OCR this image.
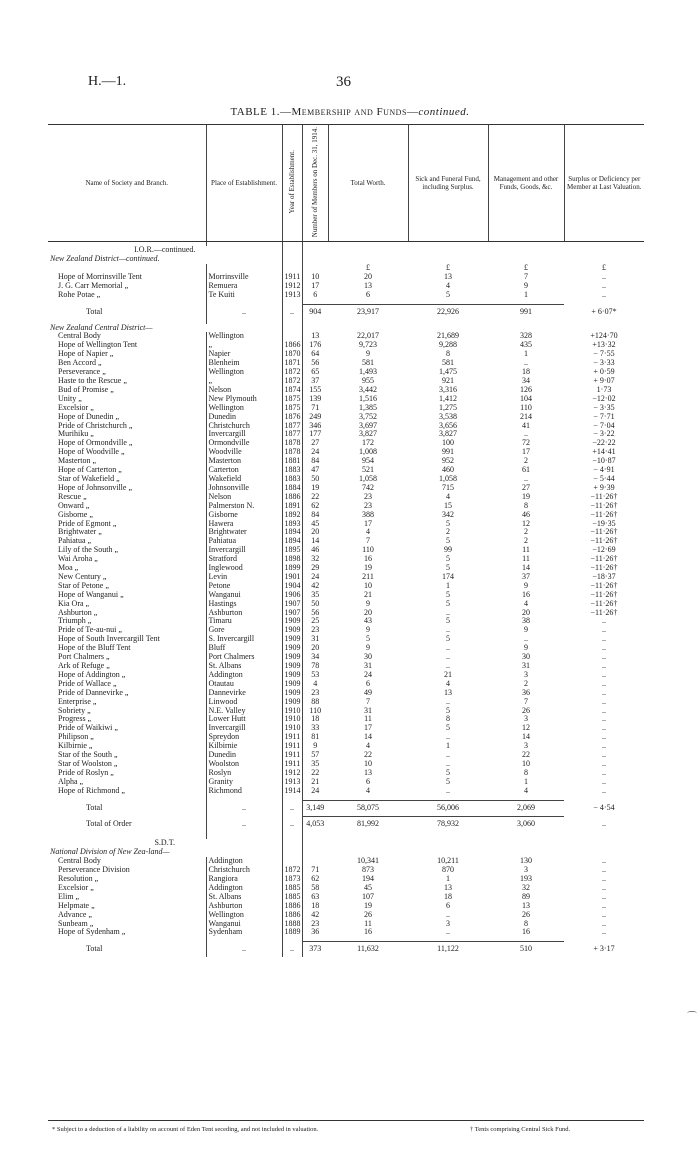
H.—1.	36
TABLE 1.—Membership and Funds—continued.
Name of Society and Branch.	Place of Establishment.	Year of Establishment.	Number of Members on Dec. 31, 1914.	Total Worth.	Sick and Funeral Fund, including Surplus.	Management and other Funds, Goods, &c.	Surplus or Deficiency per Member at Last Valuation.

I.O.R.—continued.							
New Zealand District—continued.							
				£	£	£	£
Hope of Morrinsville Tent	Morrinsville	1911	10	20	13	7	..
J. G. Carr Memorial „	Remuera	1912	17	13	4	9	..
Rohe Potae „	Te Kuiti	1913	6	6	5	1	..

Total	..	..	904	23,917	22,926	991	+ 6·07*

New Zealand Central District—							
Central Body	Wellington		13	22,017	21,689	328	+124·70
Hope of Wellington Tent	„	1866	176	9,723	9,288	435	+13·32
Hope of Napier „	Napier	1870	64	9	8	1	− 7·55
Ben Accord „	Blenheim	1871	56	581	581	..	− 3·33
Perseverance „	Wellington	1872	65	1,493	1,475	18	+ 0·59
Haste to the Rescue „	„	1872	37	955	921	34	+ 9·07
Bud of Promise „	Nelson	1874	155	3,442	3,316	126	1·73
Unity „	New Plymouth	1875	139	1,516	1,412	104	−12·02
Excelsior „	Wellington	1875	71	1,385	1,275	110	− 3·35
Hope of Dunedin „	Dunedin	1876	249	3,752	3,538	214	− 7·71
Pride of Christchurch „	Christchurch	1877	346	3,697	3,656	41	− 7·04
Murihiku „	Invercargill	1877	177	3,827	3,827	..	− 3·22
Hope of Ormondville „	Ormondville	1878	27	172	100	72	−22·22
Hope of Woodville „	Woodville	1878	24	1,008	991	17	+14·41
Masterton „	Masterton	1881	84	954	952	2	−10·87
Hope of Carterton „	Carterton	1883	47	521	460	61	− 4·91
Star of Wakefield „	Wakefield	1883	50	1,058	1,058	..	− 5·44
Hope of Johnsonville „	Johnsonville	1884	19	742	715	27	+ 9·39
Rescue „	Nelson	1886	22	23	4	19	−11·26†
Onward „	Palmerston N.	1891	62	23	15	8	−11·26†
Gisborne „	Gisborne	1892	84	388	342	46	−11·26†
Pride of Egmont „	Hawera	1893	45	17	5	12	−19·35
Brightwater „	Brightwater	1894	20	4	2	2	−11·26†
Pahiatua „	Pahiatua	1894	14	7	5	2	−11·26†
Lily of the South „	Invercargill	1895	46	110	99	11	−12·69
Wai Aroha „	Stratford	1898	32	16	5	11	−11·26†
Moa „	Inglewood	1899	29	19	5	14	−11·26†
New Century „	Levin	1901	24	211	174	37	−18·37
Star of Petone „	Petone	1904	42	10	1	9	−11·26†
Hope of Wanganui „	Wanganui	1906	35	21	5	16	−11·26†
Kia Ora „	Hastings	1907	50	9	5	4	−11·26†
Ashburton „	Ashburton	1907	56	20	..	20	−11·26†
Triumph „	Timaru	1909	25	43	5	38	..
Pride of Te-au-nui „	Gore	1909	23	9	..	9	..
Hope of South Invercargill Tent	S. Invercargill	1909	31	5	5	..	..
Hope of the Bluff Tent	Bluff	1909	20	9	..	9	..
Port Chalmers „	Port Chalmers	1909	34	30	..	30	..
Ark of Refuge „	St. Albans	1909	78	31	..	31	..
Hope of Addington „	Addington	1909	53	24	21	3	..
Pride of Wallace „	Otautau	1909	4	6	4	2	..
Pride of Dannevirke „	Dannevirke	1909	23	49	13	36	..
Enterprise „	Linwood	1909	88	7	..	7	..
Sobriety „	N.E. Valley	1910	110	31	5	26	..
Progress „	Lower Hutt	1910	18	11	8	3	..
Pride of Waikiwi „	Invercargill	1910	33	17	5	12	..
Philipson „	Spreydon	1911	81	14	..	14	..
Kilbirnie „	Kilbirnie	1911	9	4	1	3	..
Star of the South „	Dunedin	1911	57	22	..	22	..
Star of Woolston „	Woolston	1911	35	10	..	10	..
Pride of Roslyn „	Roslyn	1912	22	13	5	8	..
Alpha „	Granity	1913	21	6	5	1	..
Hope of Richmond „	Richmond	1914	24	4	..	4	..

Total	..	..	3,149	58,075	56,006	2,069	− 4·54
Total of Order	..	..	4,053	81,992	78,932	3,060	..

S.D.T.							
National Division of New Zea-land—							
Central Body	Addington			10,341	10,211	130	..
Perseverance Division	Christchurch	1872	71	873	870	3	..
Resolution „	Rangiora	1873	62	194	1	193	..
Excelsior „	Addington	1885	58	45	13	32	..
Elim „	St. Albans	1885	63	107	18	89	..
Helpmate „	Ashburton	1886	18	19	6	13	..
Advance „	Wellington	1886	42	26	..	26	..
Sunbeam „	Wanganui	1888	23	11	3	8	..
Hope of Sydenham „	Sydenham	1889	36	16	..	16	..

Total	..	..	373	11,632	11,122	510	+ 3·17
* Subject to a deduction of a liability on account of Eden Tent seceding, and not included in valuation.	† Tents comprising Central Sick Fund.
⌒
